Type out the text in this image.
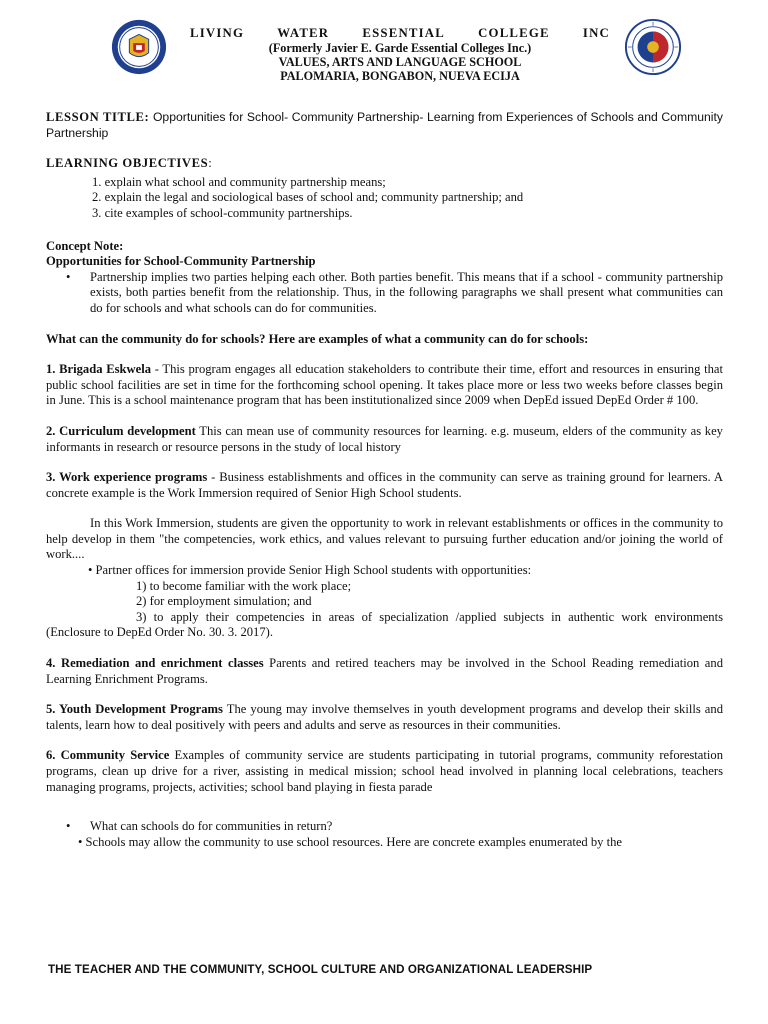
LIVING	WATER	ESSENTIAL	COLLEGE	INC
(Formerly Javier E. Garde Essential Colleges Inc.)
VALUES, ARTS AND LANGUAGE SCHOOL
PALOMARIA, BONGABON, NUEVA ECIJA

LESSON TITLE: Opportunities for School- Community Partnership- Learning from Experiences of Schools and Community Partnership

LEARNING OBJECTIVES:

1. explain what school and community partnership means;
2. explain the legal and sociological bases of school and; community partnership; and
3. cite examples of school-community partnerships.

Concept Note:

Opportunities for School-Community Partnership

• Partnership implies two parties helping each other. Both parties benefit. This means that if a school - community partnership exists, both parties benefit from the relationship. Thus, in the following paragraphs we shall present what communities can do for schools and what schools can do for communities.

What can the community do for schools? Here are examples of what a community can do for schools:

1. Brigada Eskwela - This program engages all education stakeholders to contribute their time, effort and resources in ensuring that public school facilities are set in time for the forthcoming school opening. It takes place more or less two weeks before classes begin in June. This is a school maintenance program that has been institutionalized since 2009 when DepEd issued DepEd Order # 100.

2. Curriculum development This can mean use of community resources for learning. e.g. museum, elders of the community as key informants in research or resource persons in the study of local history

3. Work experience programs - Business establishments and offices in the community can serve as training ground for learners. A concrete example is the Work Immersion required of Senior High School students.

In this Work Immersion, students are given the opportunity to work in relevant establishments or offices in the community to help develop in them "the competencies, work ethics, and values relevant to pursuing further education and/or joining the world of work....

• Partner offices for immersion provide Senior High School students with opportunities:

1) to become familiar with the work place;

2) for employment simulation; and

3) to apply their competencies in areas of specialization /applied subjects in authentic work environments (Enclosure to DepEd Order No. 30. 3. 2017).

4. Remediation and enrichment classes Parents and retired teachers may be involved in the School Reading remediation and Learning Enrichment Programs.

5. Youth Development Programs The young may involve themselves in youth development programs and develop their skills and talents, learn how to deal positively with peers and adults and serve as resources in their communities.

6. Community Service Examples of community service are students participating in tutorial programs, community reforestation programs, clean up drive for a river, assisting in medical mission; school head involved in planning local celebrations, teachers managing programs, projects, activities; school band playing in fiesta parade

• What can schools do for communities in return?

• Schools may allow the community to use school resources. Here are concrete examples enumerated by the

THE TEACHER AND THE COMMUNITY, SCHOOL CULTURE AND ORGANIZATIONAL LEADERSHIP
